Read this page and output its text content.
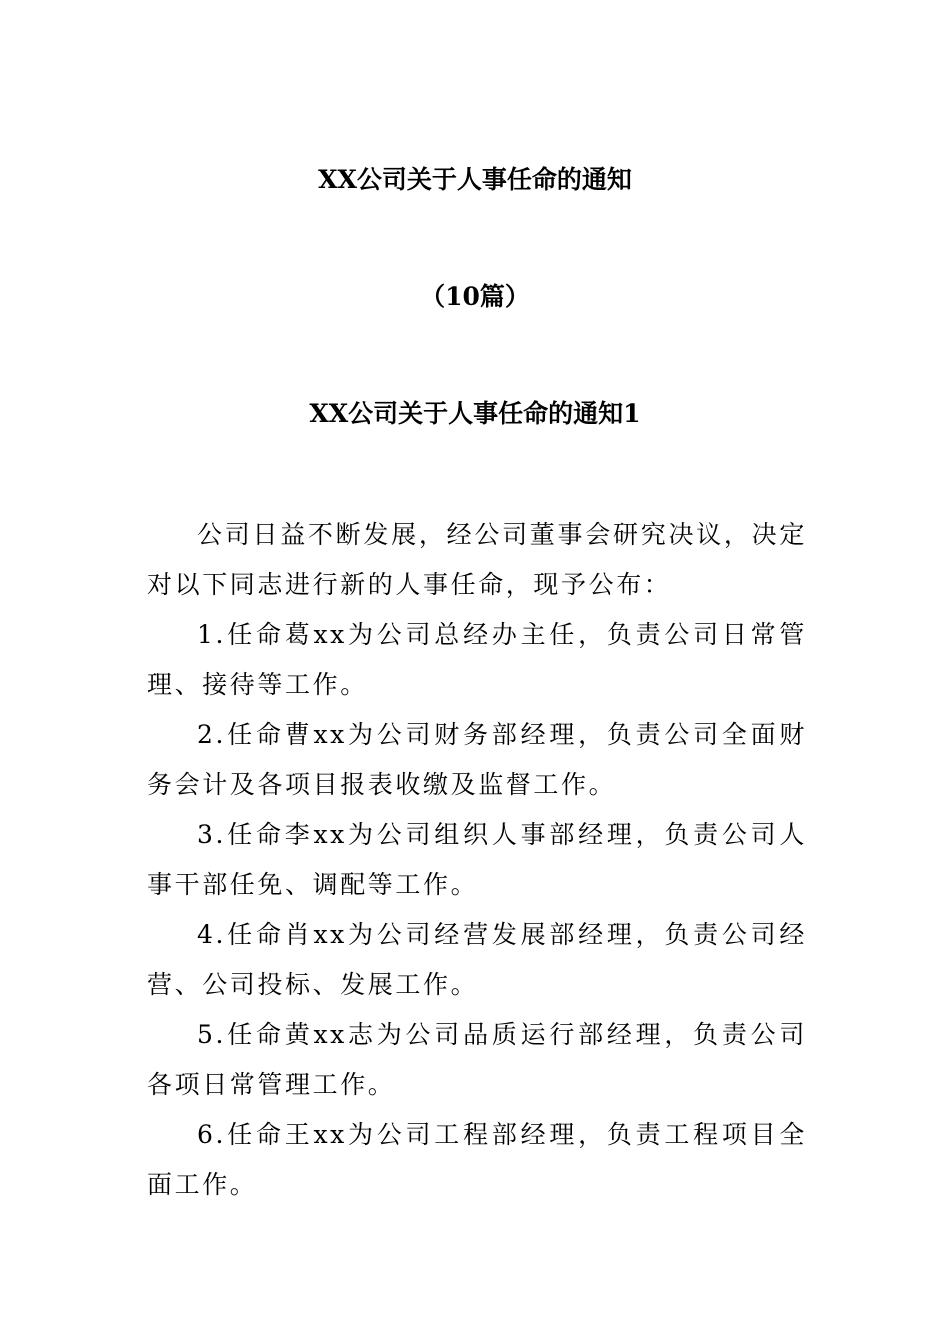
XX公司关于人事任命的通知
（10篇）
XX公司关于人事任命的通知1

公司日益不断发展，经公司董事会研究决议，决定对以下同志进行新的人事任命，现予公布：

1.任命葛xx为公司总经办主任，负责公司日常管理、接待等工作。

2.任命曹xx为公司财务部经理，负责公司全面财务会计及各项目报表收缴及监督工作。

3.任命李xx为公司组织人事部经理，负责公司人事干部任免、调配等工作。

4.任命肖xx为公司经营发展部经理，负责公司经营、公司投标、发展工作。

5.任命黄xx志为公司品质运行部经理，负责公司各项日常管理工作。

6.任命王xx为公司工程部经理，负责工程项目全面工作。
